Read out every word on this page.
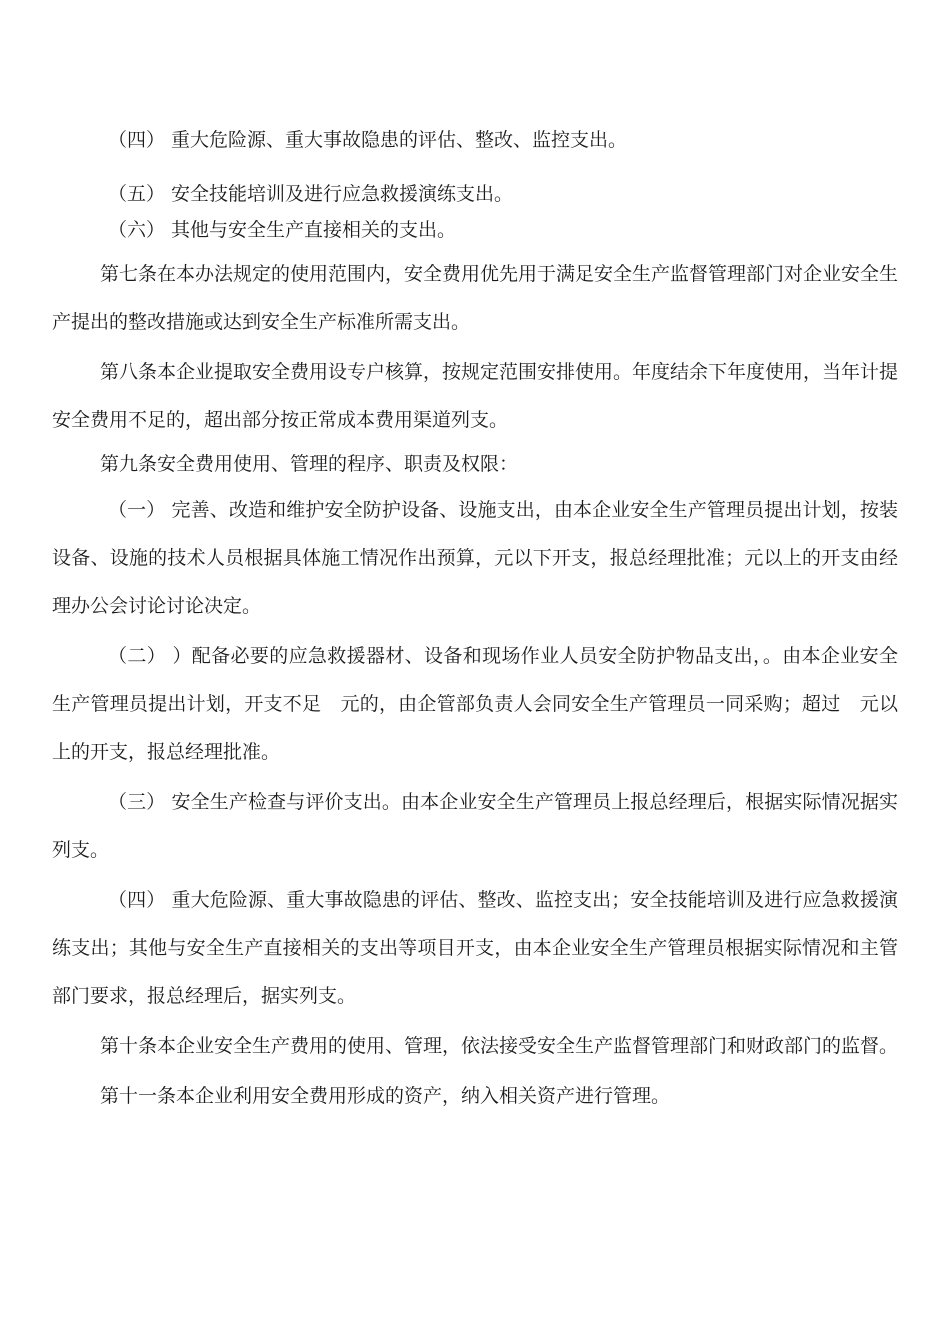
（四） 重大危险源、重大事故隐患的评估、整改、监控支出。

（五） 安全技能培训及进行应急救援演练支出。

（六） 其他与安全生产直接相关的支出。

第七条在本办法规定的使用范围内，安全费用优先用于满足安全生产监督管理部门对企业安全生产提出的整改措施或达到安全生产标准所需支出。

第八条本企业提取安全费用设专户核算，按规定范围安排使用。年度结余下年度使用，当年计提安全费用不足的，超出部分按正常成本费用渠道列支。

第九条安全费用使用、管理的程序、职责及权限：

（一） 完善、改造和维护安全防护设备、设施支出，由本企业安全生产管理员提出计划，按装设备、设施的技术人员根据具体施工情况作出预算，元以下开支，报总经理批准；元以上的开支由经理办公会讨论讨论决定。

（二） ）配备必要的应急救援器材、设备和现场作业人员安全防护物品支出，。由本企业安全生产管理员提出计划，开支不足　元的，由企管部负责人会同安全生产管理员一同采购；超过　元以上的开支，报总经理批准。

（三） 安全生产检查与评价支出。由本企业安全生产管理员上报总经理后，根据实际情况据实列支。

（四） 重大危险源、重大事故隐患的评估、整改、监控支出；安全技能培训及进行应急救援演练支出；其他与安全生产直接相关的支出等项目开支，由本企业安全生产管理员根据实际情况和主管部门要求，报总经理后，据实列支。

第十条本企业安全生产费用的使用、管理，依法接受安全生产监督管理部门和财政部门的监督。

第十一条本企业利用安全费用形成的资产，纳入相关资产进行管理。
